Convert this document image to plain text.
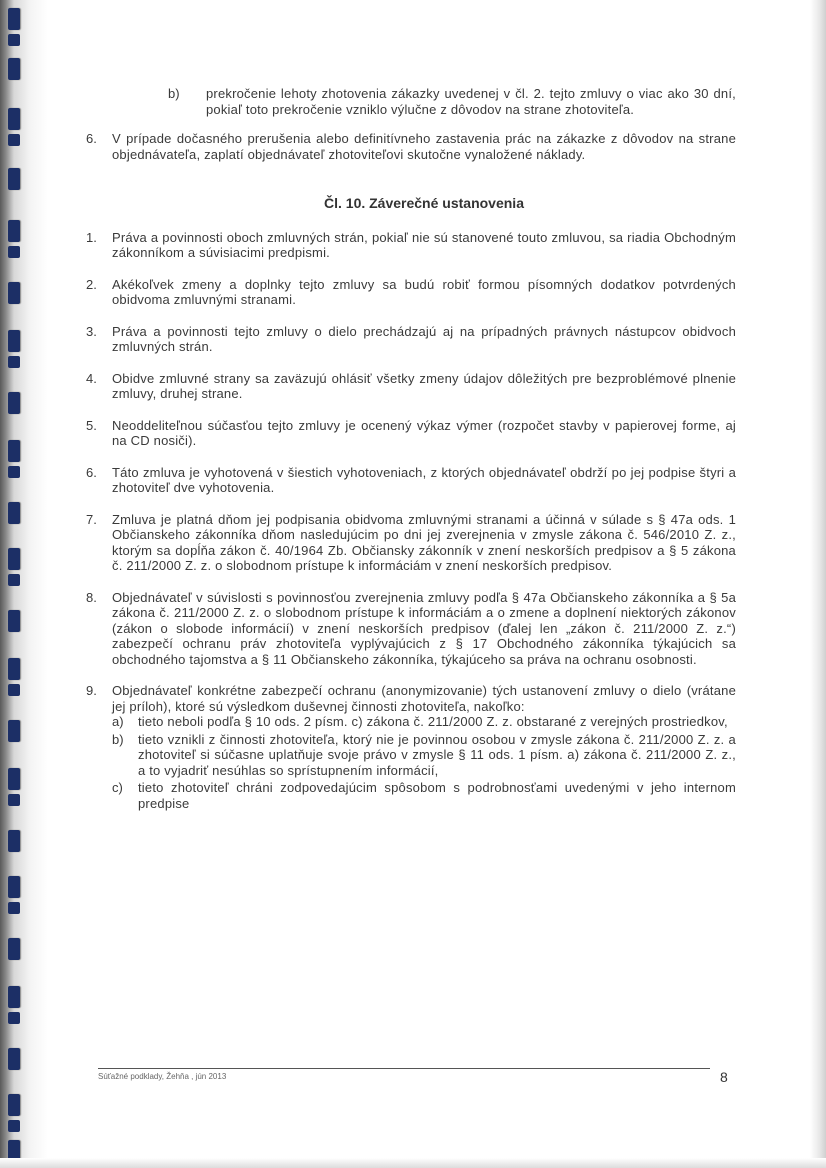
b) prekročenie lehoty zhotovenia zákazky uvedenej v čl. 2. tejto zmluvy o viac ako 30 dní, pokiaľ toto prekročenie vzniklo výlučne z dôvodov na strane zhotoviteľa.
6. V prípade dočasného prerušenia alebo definitívneho zastavenia prác na zákazke z dôvodov na strane objednávateľa, zaplatí objednávateľ zhotoviteľovi skutočne vynaložené náklady.
Čl. 10. Záverečné ustanovenia
1. Práva a povinnosti oboch zmluvných strán, pokiaľ nie sú stanovené touto zmluvou, sa riadia Obchodným zákonníkom a súvisiacimi predpismi.
2. Akékoľvek zmeny a doplnky tejto zmluvy sa budú robiť formou písomných dodatkov potvrdených obidvoma zmluvnými stranami.
3. Práva a povinnosti tejto zmluvy o dielo prechádzajú aj na prípadných právnych nástupcov obidvoch zmluvných strán.
4. Obidve zmluvné strany sa zaväzujú ohlásiť všetky zmeny údajov dôležitých pre bezproblémové plnenie zmluvy, druhej strane.
5. Neoddeliteľnou súčasťou tejto zmluvy je ocenený výkaz výmer (rozpočet stavby v papierovej forme, aj na CD nosiči).
6. Táto zmluva je vyhotovená v šiestich vyhotoveniach, z ktorých objednávateľ obdrží po jej podpise štyri a zhotoviteľ dve vyhotovenia.
7. Zmluva je platná dňom jej podpisania obidvoma zmluvnými stranami a účinná v súlade s § 47a ods. 1 Občianskeho zákonníka dňom nasledujúcim po dni jej zverejnenia v zmysle zákona č. 546/2010 Z. z., ktorým sa dopĺňa zákon č. 40/1964 Zb. Občiansky zákonník v znení neskorších predpisov a § 5 zákona č. 211/2000 Z. z. o slobodnom prístupe k informáciám v znení neskorších predpisov.
8. Objednávateľ v súvislosti s povinnosťou zverejnenia zmluvy podľa § 47a Občianskeho zákonníka a § 5a zákona č. 211/2000 Z. z. o slobodnom prístupe k informáciám a o zmene a doplnení niektorých zákonov (zákon o slobode informácií) v znení neskorších predpisov (ďalej len „zákon č. 211/2000 Z. z.“) zabezpečí ochranu práv zhotoviteľa vyplývajúcich z § 17 Obchodného zákonníka týkajúcich sa obchodného tajomstva a § 11 Občianskeho zákonníka, týkajúceho sa práva na ochranu osobnosti.
9. Objednávateľ konkrétne zabezpečí ochranu (anonymizovanie) tých ustanovení zmluvy o dielo (vrátane jej príloh), ktoré sú výsledkom duševnej činnosti zhotoviteľa, nakoľko:
a) tieto neboli podľa § 10 ods. 2 písm. c) zákona č. 211/2000 Z. z. obstarané z verejných prostriedkov,
b) tieto vznikli z činnosti zhotoviteľa, ktorý nie je povinnou osobou v zmysle zákona č. 211/2000 Z. z. a zhotoviteľ si súčasne uplatňuje svoje právo v zmysle § 11 ods. 1 písm. a) zákona č. 211/2000 Z. z., a to vyjadriť nesúhlas so sprístupnením informácií,
c) tieto zhotoviteľ chráni zodpovedajúcim spôsobom s podrobnosťami uvedenými v jeho internom predpise
Súťažné podklady, Žehňa , jún 2013	8
